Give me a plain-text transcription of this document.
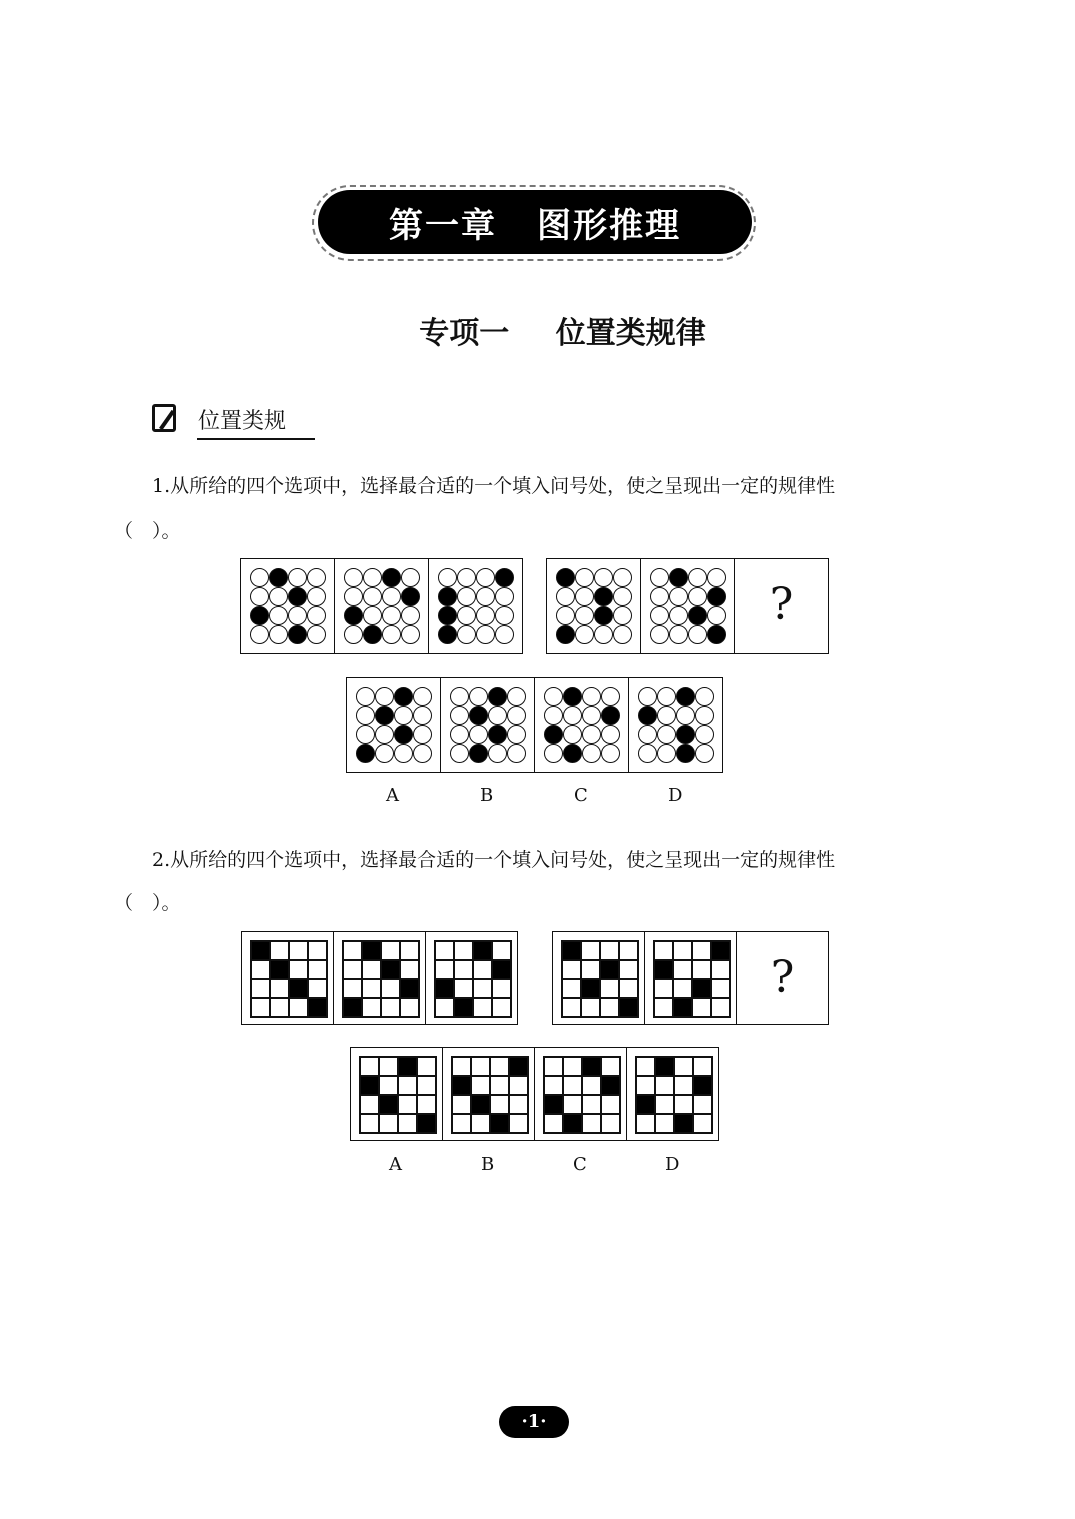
第一章 图形推理
专项一 位置类规律
位置类规
1.从所给的四个选项中，选择最合适的一个填入问号处，使之呈现出一定的规律性
（　）。
2.从所给的四个选项中，选择最合适的一个填入问号处，使之呈现出一定的规律性
（　）。
·1·
?
A	B	C	D
?
A	B	C	D
